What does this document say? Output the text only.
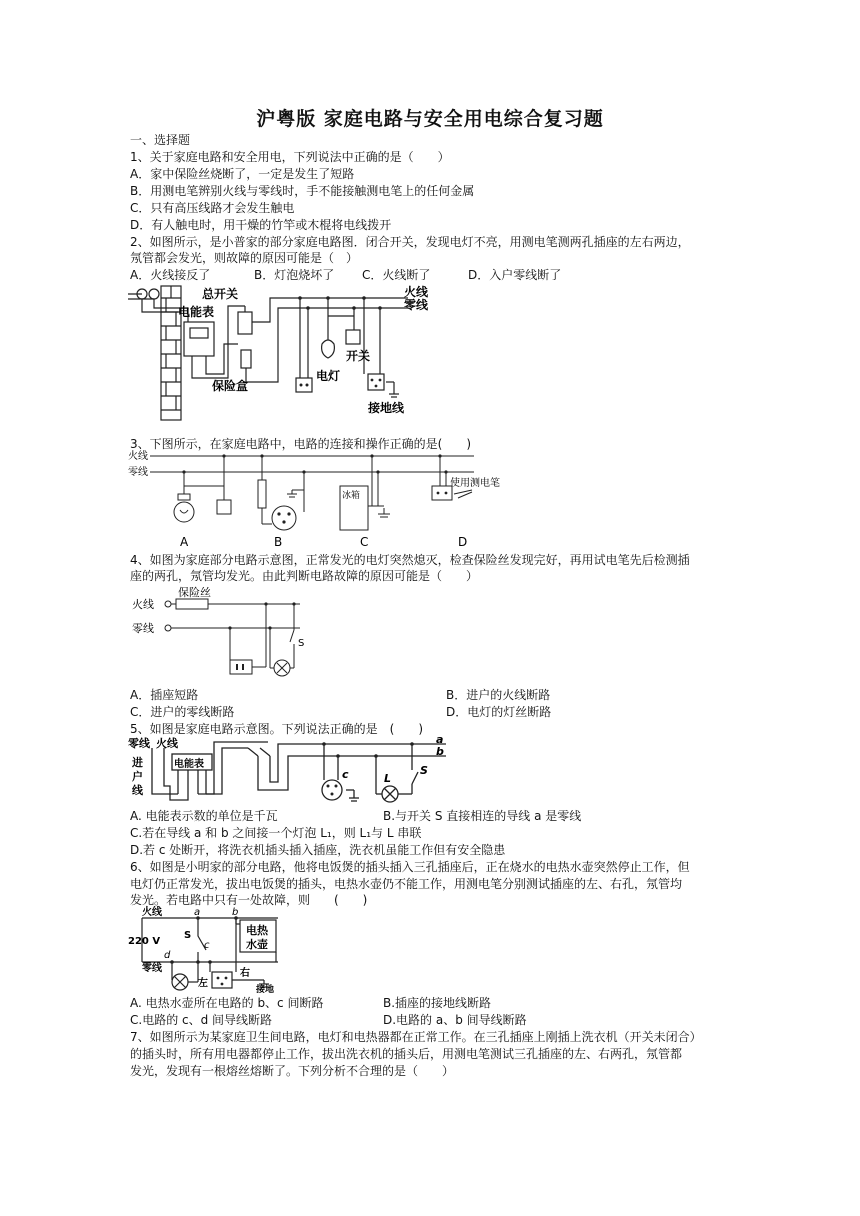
沪粤版 家庭电路与安全用电综合复习题
一、选择题
1、关于家庭电路和安全用电，下列说法中正确的是（　　）
A．家中保险丝烧断了，一定是发生了短路
B．用测电笔辨别火线与零线时，手不能接触测电笔上的任何金属
C．只有高压线路才会发生触电
D．有人触电时，用干燥的竹竿或木棍将电线拨开
2、如图所示，是小普家的部分家庭电路图．闭合开关，发现电灯不亮，用测电笔测两孔插座的左右两边，
氖管都会发光，则故障的原因可能是（　）
A．火线接反了	B．灯泡烧坏了 C．火线断了	D．入户零线断了
总开关
电能表
保险盒
火线
零线
开关
电灯
接地线
3、下图所示，在家庭电路中，电路的连接和操作正确的是(　　)
火线
零线
冰箱
使用测电笔
A	B	C	D
4、如图为家庭部分电路示意图，正常发光的电灯突然熄灭，检查保险丝发现完好，再用试电笔先后检测插
座的两孔，氖管均发光。由此判断电路故障的原因可能是（　　）
保险丝
火线
零线
S
A．插座短路	B．进户的火线断路
C．进户的零线断路	D．电灯的灯丝断路
5、如图是家庭电路示意图。下列说法正确的是　(　　)
零线 火线
进
户
线
电能表
a
b
c	L
S
A. 电能表示数的单位是千瓦	B.与开关 S 直接相连的导线 a 是零线
C.若在导线 a 和 b 之间接一个灯泡 L₁，则 L₁与 L 串联
D.若 c 处断开，将洗衣机插头插入插座，洗衣机虽能工作但有安全隐患
6、如图是小明家的部分电路，他将电饭煲的插头插入三孔插座后，正在烧水的电热水壶突然停止工作，但
电灯仍正常发光，拔出电饭煲的插头，电热水壶仍不能工作，用测电笔分别测试插座的左、右孔，氖管均
发光。若电路中只有一处故障，则　　(　　)
火线
220 V
零线
电热
水壶
左
右
接地
a	b
c
d
S
A. 电热水壶所在电路的 b、c 间断路	B.插座的接地线断路
C.电路的 c、d 间导线断路	D.电路的 a、b 间导线断路
7、如图所示为某家庭卫生间电路，电灯和电热器都在正常工作。在三孔插座上刚插上洗衣机（开关未闭合）
的插头时，所有用电器都停止工作，拔出洗衣机的插头后，用测电笔测试三孔插座的左、右两孔，氖管都
发光，发现有一根熔丝熔断了。下列分析不合理的是（　　）
